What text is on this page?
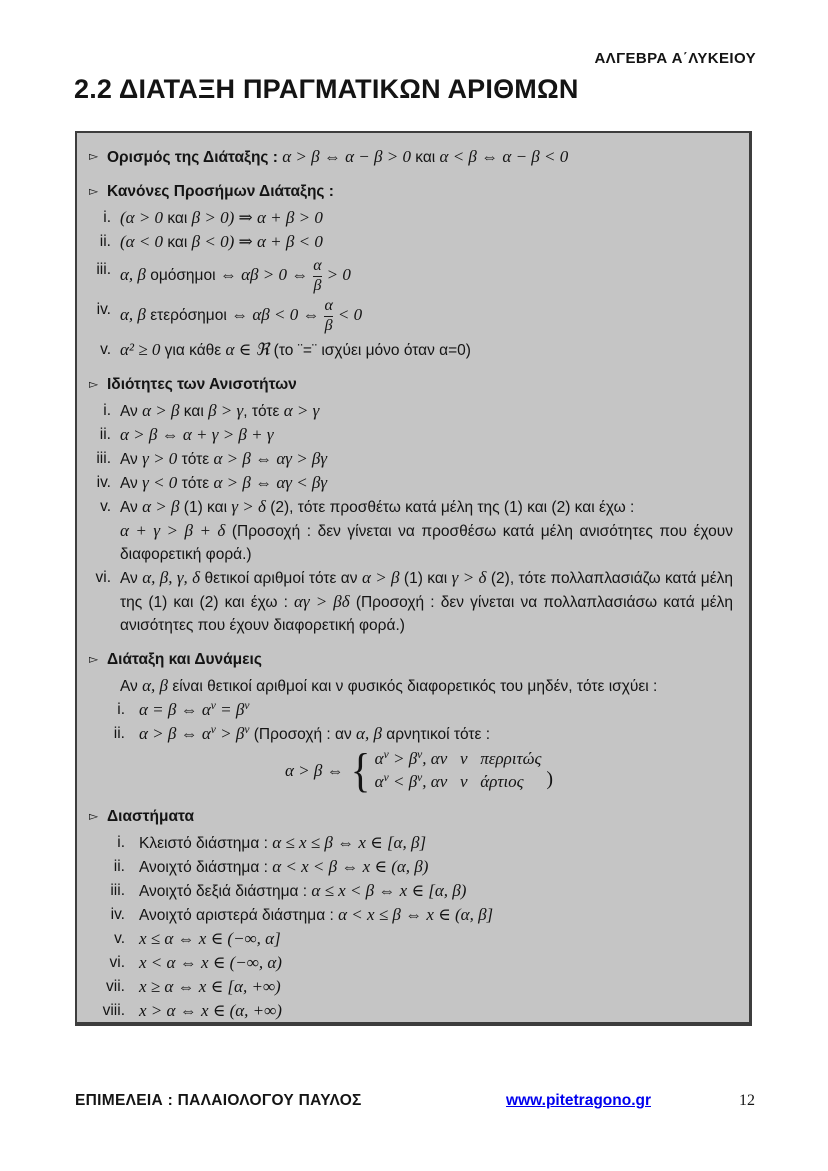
ΑΛΓΕΒΡΑ Α΄ΛΥΚΕΙΟΥ
2.2 ΔΙΑΤΑΞΗ ΠΡΑΓΜΑΤΙΚΩΝ ΑΡΙΘΜΩΝ
▻ Ορισμός της Διάταξης : α > β ⇔ α − β > 0 και α < β ⇔ α − β < 0
▻ Κανόνες Προσήμων Διάταξης :
i. (α > 0 και β > 0) ⇒ α + β > 0
ii. (α < 0 και β < 0) ⇒ α + β < 0
iii. α, β ομόσημοι ⇔ αβ > 0 ⇔ $\frac{\alpha}{\beta} > 0$
iv. α, β ετερόσημοι ⇔ αβ < 0 ⇔ $\frac{\alpha}{\beta} < 0$
v. α² ≥ 0 για κάθε α ∈ ℜ (το ¨=¨ ισχύει μόνο όταν α=0)
▻ Ιδιότητες των Ανισοτήτων
i. Αν α > β και β > γ, τότε α > γ
ii. α > β ⇔ α + γ > β + γ
iii. Αν γ > 0 τότε α > β ⇔ αγ > βγ
iv. Αν γ < 0 τότε α > β ⇔ αγ < βγ
v. Αν α > β (1) και γ > δ (2), τότε προσθέτω κατά μέλη της (1) και (2) και έχω :
α + γ > β + δ (Προσοχή : δεν γίνεται να προσθέσω κατά μέλη ανισότητες που έχουν διαφορετική φορά.)
vi. Αν α, β, γ, δ θετικοί αριθμοί τότε αν α > β (1) και γ > δ (2), τότε πολλαπλασιάζω κατά μέλη της (1) και (2) και έχω : αγ > βδ (Προσοχή : δεν γίνεται να πολλαπλασιάσω κατά μέλη ανισότητες που έχουν διαφορετική φορά.)
▻ Διάταξη και Δυνάμεις
Αν α, β είναι θετικοί αριθμοί και ν φυσικός διαφορετικός του μηδέν, τότε ισχύει :
i. α = β ⇔ $\alpha^\nu = \beta^\nu$
ii. α > β ⇔ $\alpha^\nu > \beta^\nu$ (Προσοχή : αν α, β αρνητικοί τότε :
α > β ⇔ { $\alpha^\nu > \beta^\nu$, αν   ν   περριτώς
$\alpha^\nu < \beta^\nu$, αν   ν   άρτιος	)
▻ Διαστήματα
i. Κλειστό διάστημα : α ≤ x ≤ β ⇔ x ∈ [α, β]
ii. Ανοιχτό διάστημα : α < x < β ⇔ x ∈ (α, β)
iii. Ανοιχτό δεξιά διάστημα : α ≤ x < β ⇔ x ∈ [α, β)
iv. Ανοιχτό αριστερά διάστημα : α < x ≤ β ⇔ x ∈ (α, β]
v. x ≤ α ⇔ x ∈ (−∞, α]
vi. x < α ⇔ x ∈ (−∞, α)
vii. x ≥ α ⇔ x ∈ [α, +∞)
viii. x > α ⇔ x ∈ (α, +∞)
ΕΠΙΜΕΛΕΙΑ : ΠΑΛΑΙΟΛΟΓΟΥ ΠΑΥΛΟΣ	www.pitetragono.gr	12
